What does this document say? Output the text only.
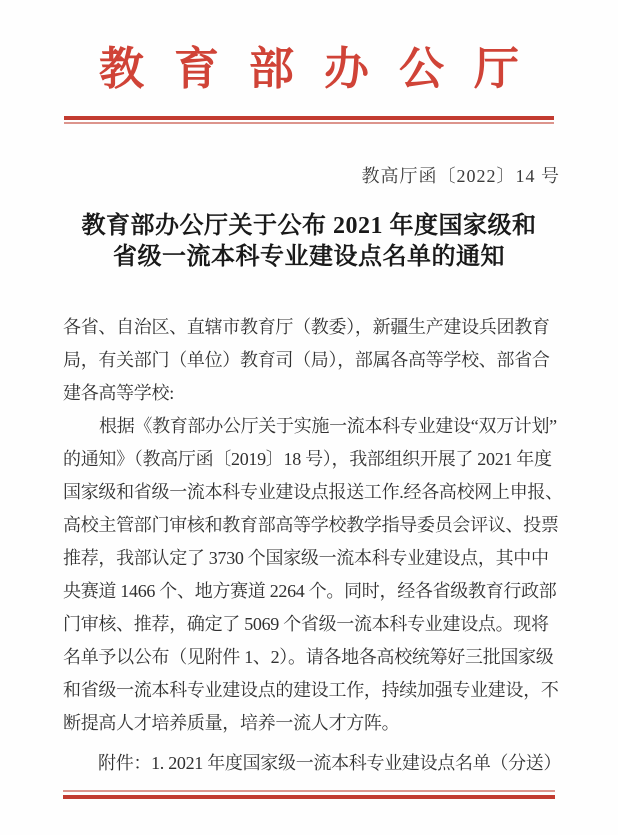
教育部办公厅
教高厅函〔2022〕14 号
教育部办公厅关于公布 2021 年度国家级和
省级一流本科专业建设点名单的通知
各省、自治区、直辖市教育厅（教委），新疆生产建设兵团教育
局，有关部门（单位）教育司（局），部属各高等学校、部省合
建各高等学校:
根据《教育部办公厅关于实施一流本科专业建设“双万计划”
的通知》（教高厅函〔2019〕18 号），我部组织开展了 2021 年度
国家级和省级一流本科专业建设点报送工作.经各高校网上申报、
高校主管部门审核和教育部高等学校教学指导委员会评议、投票
推荐，我部认定了 3730 个国家级一流本科专业建设点，其中中
央赛道 1466 个、地方赛道 2264 个。同时，经各省级教育行政部
门审核、推荐，确定了 5069 个省级一流本科专业建设点。现将
名单予以公布（见附件 1、2）。请各地各高校统筹好三批国家级
和省级一流本科专业建设点的建设工作，持续加强专业建设，不
断提高人才培养质量，培养一流人才方阵。
附件：1. 2021 年度国家级一流本科专业建设点名单（分送）
